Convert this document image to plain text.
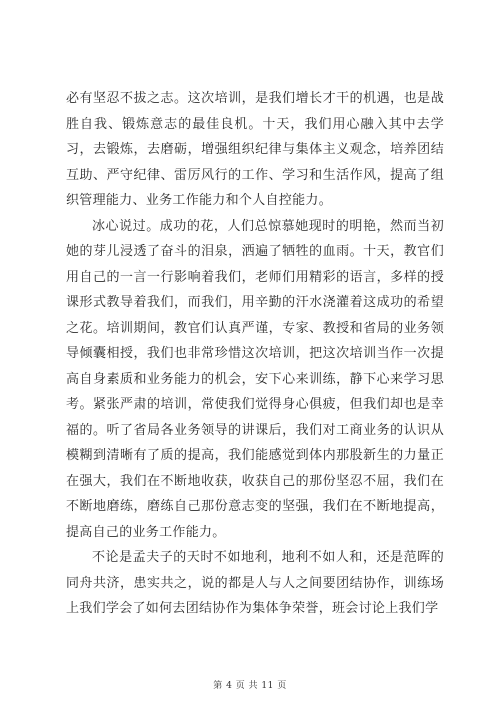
必有坚忍不拔之志。这次培训，是我们增长才干的机遇，也是战胜自我、锻炼意志的最佳良机。十天，我们用心融入其中去学习，去锻炼，去磨砺，增强组织纪律与集体主义观念，培养团结互助、严守纪律、雷厉风行的工作、学习和生活作风，提高了组织管理能力、业务工作能力和个人自控能力。

冰心说过。成功的花，人们总惊慕她现时的明艳，然而当初她的芽儿浸透了奋斗的泪泉，洒遍了牺牲的血雨。十天，教官们用自己的一言一行影响着我们，老师们用精彩的语言，多样的授课形式教导着我们，而我们，用辛勤的汗水浇灌着这成功的希望之花。培训期间，教官们认真严谨，专家、教授和省局的业务领导倾囊相授，我们也非常珍惜这次培训，把这次培训当作一次提高自身素质和业务能力的机会，安下心来训练，静下心来学习思考。紧张严肃的培训，常使我们觉得身心俱疲，但我们却也是幸福的。听了省局各业务领导的讲课后，我们对工商业务的认识从模糊到清晰有了质的提高，我们能感觉到体内那股新生的力量正在强大，我们在不断地收获，收获自己的那份坚忍不屈，我们在不断地磨练，磨练自己那份意志变的坚强，我们在不断地提高，提高自己的业务工作能力。

不论是孟夫子的天时不如地利，地利不如人和，还是范晖的同舟共济，患实共之，说的都是人与人之间要团结协作，训练场上我们学会了如何去团结协作为集体争荣誉，班会讨论上我们学

第 4 页 共 11 页
